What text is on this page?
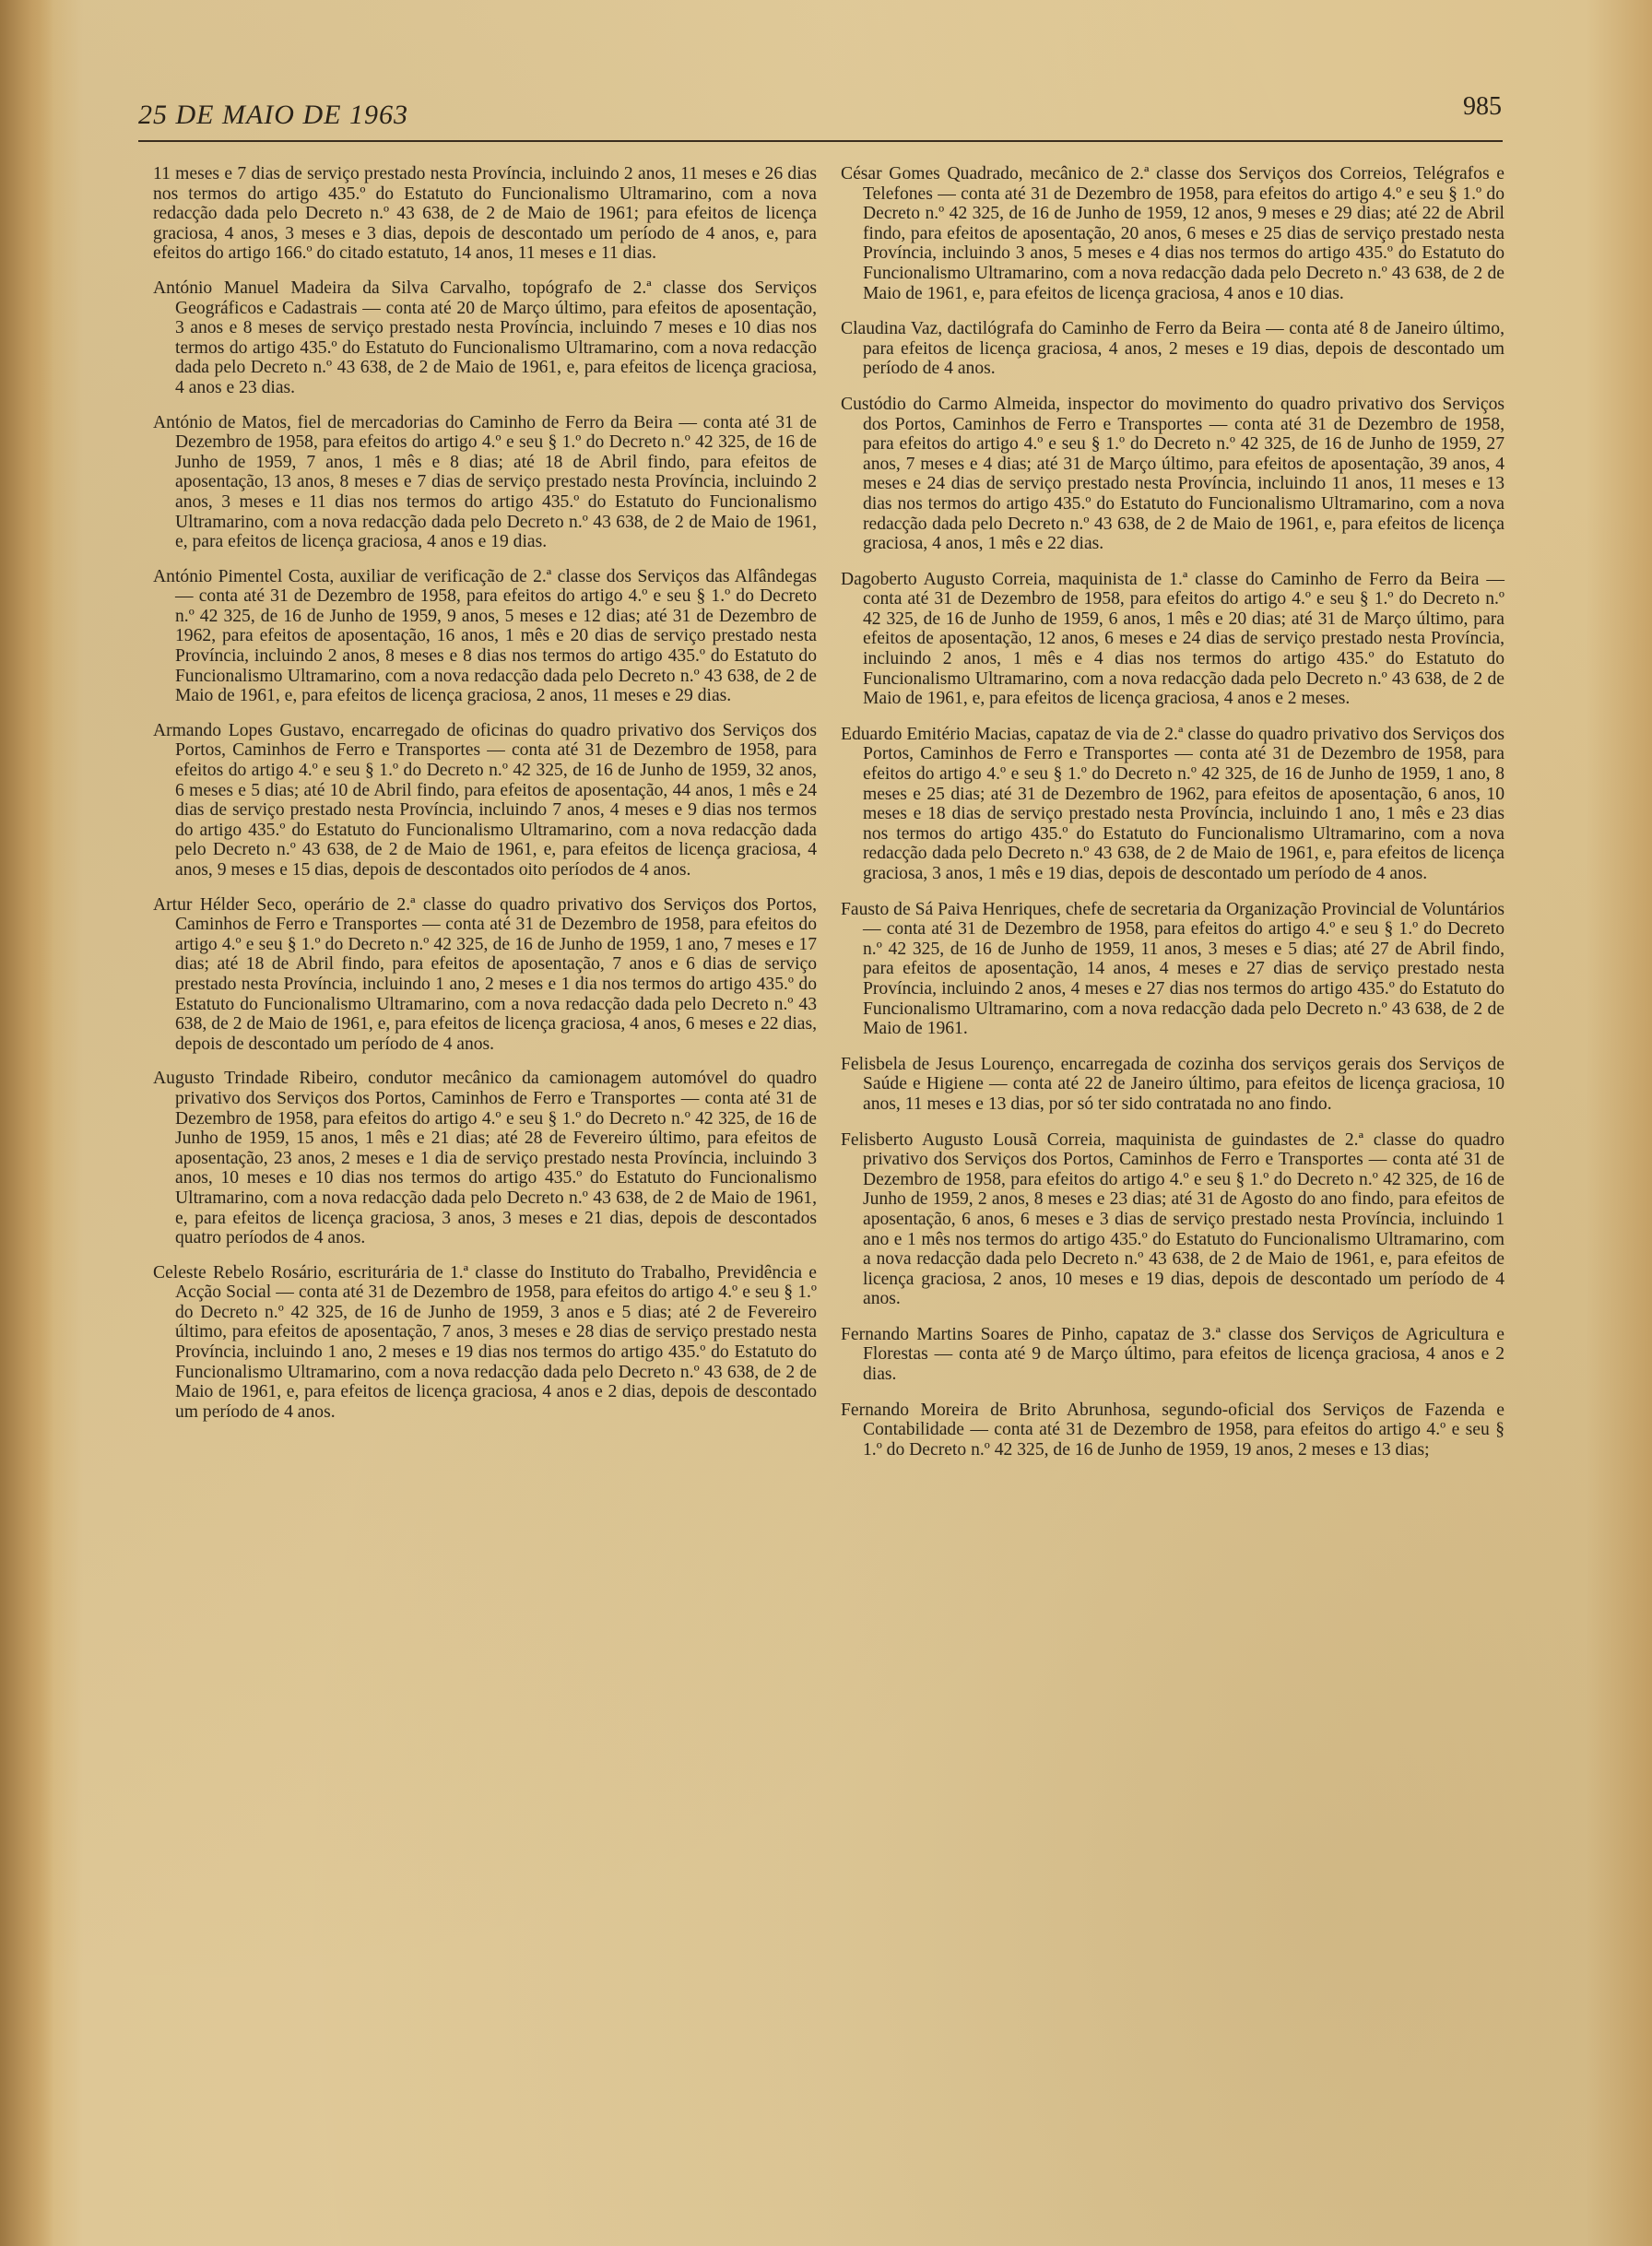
25 DE MAIO DE 1963	985

11 meses e 7 dias de serviço prestado nesta Província, incluindo 2 anos, 11 meses e 26 dias nos termos do artigo 435.º do Estatuto do Funcionalismo Ultramarino, com a nova redacção dada pelo Decreto n.º 43 638, de 2 de Maio de 1961; para efeitos de licença graciosa, 4 anos, 3 meses e 3 dias, depois de descontado um período de 4 anos, e, para efeitos do artigo 166.º do citado estatuto, 14 anos, 11 meses e 11 dias.

António Manuel Madeira da Silva Carvalho, topógrafo de 2.ª classe dos Serviços Geográficos e Cadastrais — conta até 20 de Março último, para efeitos de aposentação, 3 anos e 8 meses de serviço prestado nesta Província, incluindo 7 meses e 10 dias nos termos do artigo 435.º do Estatuto do Funcionalismo Ultramarino, com a nova redacção dada pelo Decreto n.º 43 638, de 2 de Maio de 1961, e, para efeitos de licença graciosa, 4 anos e 23 dias.

António de Matos, fiel de mercadorias do Caminho de Ferro da Beira — conta até 31 de Dezembro de 1958, para efeitos do artigo 4.º e seu § 1.º do Decreto n.º 42 325, de 16 de Junho de 1959, 7 anos, 1 mês e 8 dias; até 18 de Abril findo, para efeitos de aposentação, 13 anos, 8 meses e 7 dias de serviço prestado nesta Província, incluindo 2 anos, 3 meses e 11 dias nos termos do artigo 435.º do Estatuto do Funcionalismo Ultramarino, com a nova redacção dada pelo Decreto n.º 43 638, de 2 de Maio de 1961, e, para efeitos de licença graciosa, 4 anos e 19 dias.

António Pimentel Costa, auxiliar de verificação de 2.ª classe dos Serviços das Alfândegas — conta até 31 de Dezembro de 1958, para efeitos do artigo 4.º e seu § 1.º do Decreto n.º 42 325, de 16 de Junho de 1959, 9 anos, 5 meses e 12 dias; até 31 de Dezembro de 1962, para efeitos de aposentação, 16 anos, 1 mês e 20 dias de serviço prestado nesta Província, incluindo 2 anos, 8 meses e 8 dias nos termos do artigo 435.º do Estatuto do Funcionalismo Ultramarino, com a nova redacção dada pelo Decreto n.º 43 638, de 2 de Maio de 1961, e, para efeitos de licença graciosa, 2 anos, 11 meses e 29 dias.

Armando Lopes Gustavo, encarregado de oficinas do quadro privativo dos Serviços dos Portos, Caminhos de Ferro e Transportes — conta até 31 de Dezembro de 1958, para efeitos do artigo 4.º e seu § 1.º do Decreto n.º 42 325, de 16 de Junho de 1959, 32 anos, 6 meses e 5 dias; até 10 de Abril findo, para efeitos de aposentação, 44 anos, 1 mês e 24 dias de serviço prestado nesta Província, incluindo 7 anos, 4 meses e 9 dias nos termos do artigo 435.º do Estatuto do Funcionalismo Ultramarino, com a nova redacção dada pelo Decreto n.º 43 638, de 2 de Maio de 1961, e, para efeitos de licença graciosa, 4 anos, 9 meses e 15 dias, depois de descontados oito períodos de 4 anos.

Artur Hélder Seco, operário de 2.ª classe do quadro privativo dos Serviços dos Portos, Caminhos de Ferro e Transportes — conta até 31 de Dezembro de 1958, para efeitos do artigo 4.º e seu § 1.º do Decreto n.º 42 325, de 16 de Junho de 1959, 1 ano, 7 meses e 17 dias; até 18 de Abril findo, para efeitos de aposentação, 7 anos e 6 dias de serviço prestado nesta Província, incluindo 1 ano, 2 meses e 1 dia nos termos do artigo 435.º do Estatuto do Funcionalismo Ultramarino, com a nova redacção dada pelo Decreto n.º 43 638, de 2 de Maio de 1961, e, para efeitos de licença graciosa, 4 anos, 6 meses e 22 dias, depois de descontado um período de 4 anos.

Augusto Trindade Ribeiro, condutor mecânico da camionagem automóvel do quadro privativo dos Serviços dos Portos, Caminhos de Ferro e Transportes — conta até 31 de Dezembro de 1958, para efeitos do artigo 4.º e seu § 1.º do Decreto n.º 42 325, de 16 de Junho de 1959, 15 anos, 1 mês e 21 dias; até 28 de Fevereiro último, para efeitos de aposentação, 23 anos, 2 meses e 1 dia de serviço prestado nesta Província, incluindo 3 anos, 10 meses e 10 dias nos termos do artigo 435.º do Estatuto do Funcionalismo Ultramarino, com a nova redacção dada pelo Decreto n.º 43 638, de 2 de Maio de 1961, e, para efeitos de licença graciosa, 3 anos, 3 meses e 21 dias, depois de descontados quatro períodos de 4 anos.

Celeste Rebelo Rosário, escriturária de 1.ª classe do Instituto do Trabalho, Previdência e Acção Social — conta até 31 de Dezembro de 1958, para efeitos do artigo 4.º e seu § 1.º do Decreto n.º 42 325, de 16 de Junho de 1959, 3 anos e 5 dias; até 2 de Fevereiro último, para efeitos de aposentação, 7 anos, 3 meses e 28 dias de serviço prestado nesta Província, incluindo 1 ano, 2 meses e 19 dias nos termos do artigo 435.º do Estatuto do Funcionalismo Ultramarino, com a nova redacção dada pelo Decreto n.º 43 638, de 2 de Maio de 1961, e, para efeitos de licença graciosa, 4 anos e 2 dias, depois de descontado um período de 4 anos.

César Gomes Quadrado, mecânico de 2.ª classe dos Serviços dos Correios, Telégrafos e Telefones — conta até 31 de Dezembro de 1958, para efeitos do artigo 4.º e seu § 1.º do Decreto n.º 42 325, de 16 de Junho de 1959, 12 anos, 9 meses e 29 dias; até 22 de Abril findo, para efeitos de aposentação, 20 anos, 6 meses e 25 dias de serviço prestado nesta Província, incluindo 3 anos, 5 meses e 4 dias nos termos do artigo 435.º do Estatuto do Funcionalismo Ultramarino, com a nova redacção dada pelo Decreto n.º 43 638, de 2 de Maio de 1961, e, para efeitos de licença graciosa, 4 anos e 10 dias.

Claudina Vaz, dactilógrafa do Caminho de Ferro da Beira — conta até 8 de Janeiro último, para efeitos de licença graciosa, 4 anos, 2 meses e 19 dias, depois de descontado um período de 4 anos.

Custódio do Carmo Almeida, inspector do movimento do quadro privativo dos Serviços dos Portos, Caminhos de Ferro e Transportes — conta até 31 de Dezembro de 1958, para efeitos do artigo 4.º e seu § 1.º do Decreto n.º 42 325, de 16 de Junho de 1959, 27 anos, 7 meses e 4 dias; até 31 de Março último, para efeitos de aposentação, 39 anos, 4 meses e 24 dias de serviço prestado nesta Província, incluindo 11 anos, 11 meses e 13 dias nos termos do artigo 435.º do Estatuto do Funcionalismo Ultramarino, com a nova redacção dada pelo Decreto n.º 43 638, de 2 de Maio de 1961, e, para efeitos de licença graciosa, 4 anos, 1 mês e 22 dias.

Dagoberto Augusto Correia, maquinista de 1.ª classe do Caminho de Ferro da Beira — conta até 31 de Dezembro de 1958, para efeitos do artigo 4.º e seu § 1.º do Decreto n.º 42 325, de 16 de Junho de 1959, 6 anos, 1 mês e 20 dias; até 31 de Março último, para efeitos de aposentação, 12 anos, 6 meses e 24 dias de serviço prestado nesta Província, incluindo 2 anos, 1 mês e 4 dias nos termos do artigo 435.º do Estatuto do Funcionalismo Ultramarino, com a nova redacção dada pelo Decreto n.º 43 638, de 2 de Maio de 1961, e, para efeitos de licença graciosa, 4 anos e 2 meses.

Eduardo Emitério Macias, capataz de via de 2.ª classe do quadro privativo dos Serviços dos Portos, Caminhos de Ferro e Transportes — conta até 31 de Dezembro de 1958, para efeitos do artigo 4.º e seu § 1.º do Decreto n.º 42 325, de 16 de Junho de 1959, 1 ano, 8 meses e 25 dias; até 31 de Dezembro de 1962, para efeitos de aposentação, 6 anos, 10 meses e 18 dias de serviço prestado nesta Província, incluindo 1 ano, 1 mês e 23 dias nos termos do artigo 435.º do Estatuto do Funcionalismo Ultramarino, com a nova redacção dada pelo Decreto n.º 43 638, de 2 de Maio de 1961, e, para efeitos de licença graciosa, 3 anos, 1 mês e 19 dias, depois de descontado um período de 4 anos.

Fausto de Sá Paiva Henriques, chefe de secretaria da Organização Provincial de Voluntários — conta até 31 de Dezembro de 1958, para efeitos do artigo 4.º e seu § 1.º do Decreto n.º 42 325, de 16 de Junho de 1959, 11 anos, 3 meses e 5 dias; até 27 de Abril findo, para efeitos de aposentação, 14 anos, 4 meses e 27 dias de serviço prestado nesta Província, incluindo 2 anos, 4 meses e 27 dias nos termos do artigo 435.º do Estatuto do Funcionalismo Ultramarino, com a nova redacção dada pelo Decreto n.º 43 638, de 2 de Maio de 1961.

Felisbela de Jesus Lourenço, encarregada de cozinha dos serviços gerais dos Serviços de Saúde e Higiene — conta até 22 de Janeiro último, para efeitos de licença graciosa, 10 anos, 11 meses e 13 dias, por só ter sido contratada no ano findo.

Felisberto Augusto Lousã Correia, maquinista de guindastes de 2.ª classe do quadro privativo dos Serviços dos Portos, Caminhos de Ferro e Transportes — conta até 31 de Dezembro de 1958, para efeitos do artigo 4.º e seu § 1.º do Decreto n.º 42 325, de 16 de Junho de 1959, 2 anos, 8 meses e 23 dias; até 31 de Agosto do ano findo, para efeitos de aposentação, 6 anos, 6 meses e 3 dias de serviço prestado nesta Província, incluindo 1 ano e 1 mês nos termos do artigo 435.º do Estatuto do Funcionalismo Ultramarino, com a nova redacção dada pelo Decreto n.º 43 638, de 2 de Maio de 1961, e, para efeitos de licença graciosa, 2 anos, 10 meses e 19 dias, depois de descontado um período de 4 anos.

Fernando Martins Soares de Pinho, capataz de 3.ª classe dos Serviços de Agricultura e Florestas — conta até 9 de Março último, para efeitos de licença graciosa, 4 anos e 2 dias.

Fernando Moreira de Brito Abrunhosa, segundo-oficial dos Serviços de Fazenda e Contabilidade — conta até 31 de Dezembro de 1958, para efeitos do artigo 4.º e seu § 1.º do Decreto n.º 42 325, de 16 de Junho de 1959, 19 anos, 2 meses e 13 dias;
